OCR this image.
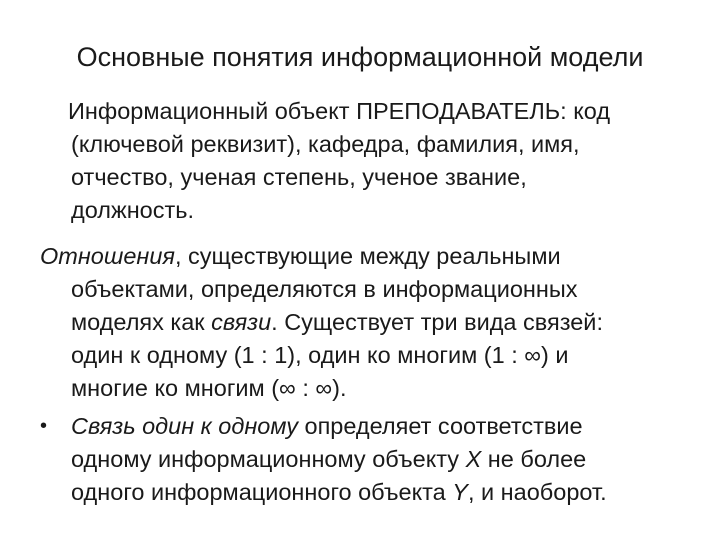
Основные понятия информационной модели
Информационный объект ПРЕПОДАВАТЕЛЬ: код
(ключевой реквизит), кафедра, фамилия, имя,
отчество, ученая степень, ученое звание,
должность.
Отношения, существующие между реальными
объектами, определяются в информационных
моделях как связи. Существует три вида связей:
один к одному (1 : 1), один ко многим (1 : ∞) и
многие ко многим (∞ : ∞).
•	Связь один к одному определяет соответствие
одному информационному объекту X не более
одного информационного объекта Y, и наоборот.
